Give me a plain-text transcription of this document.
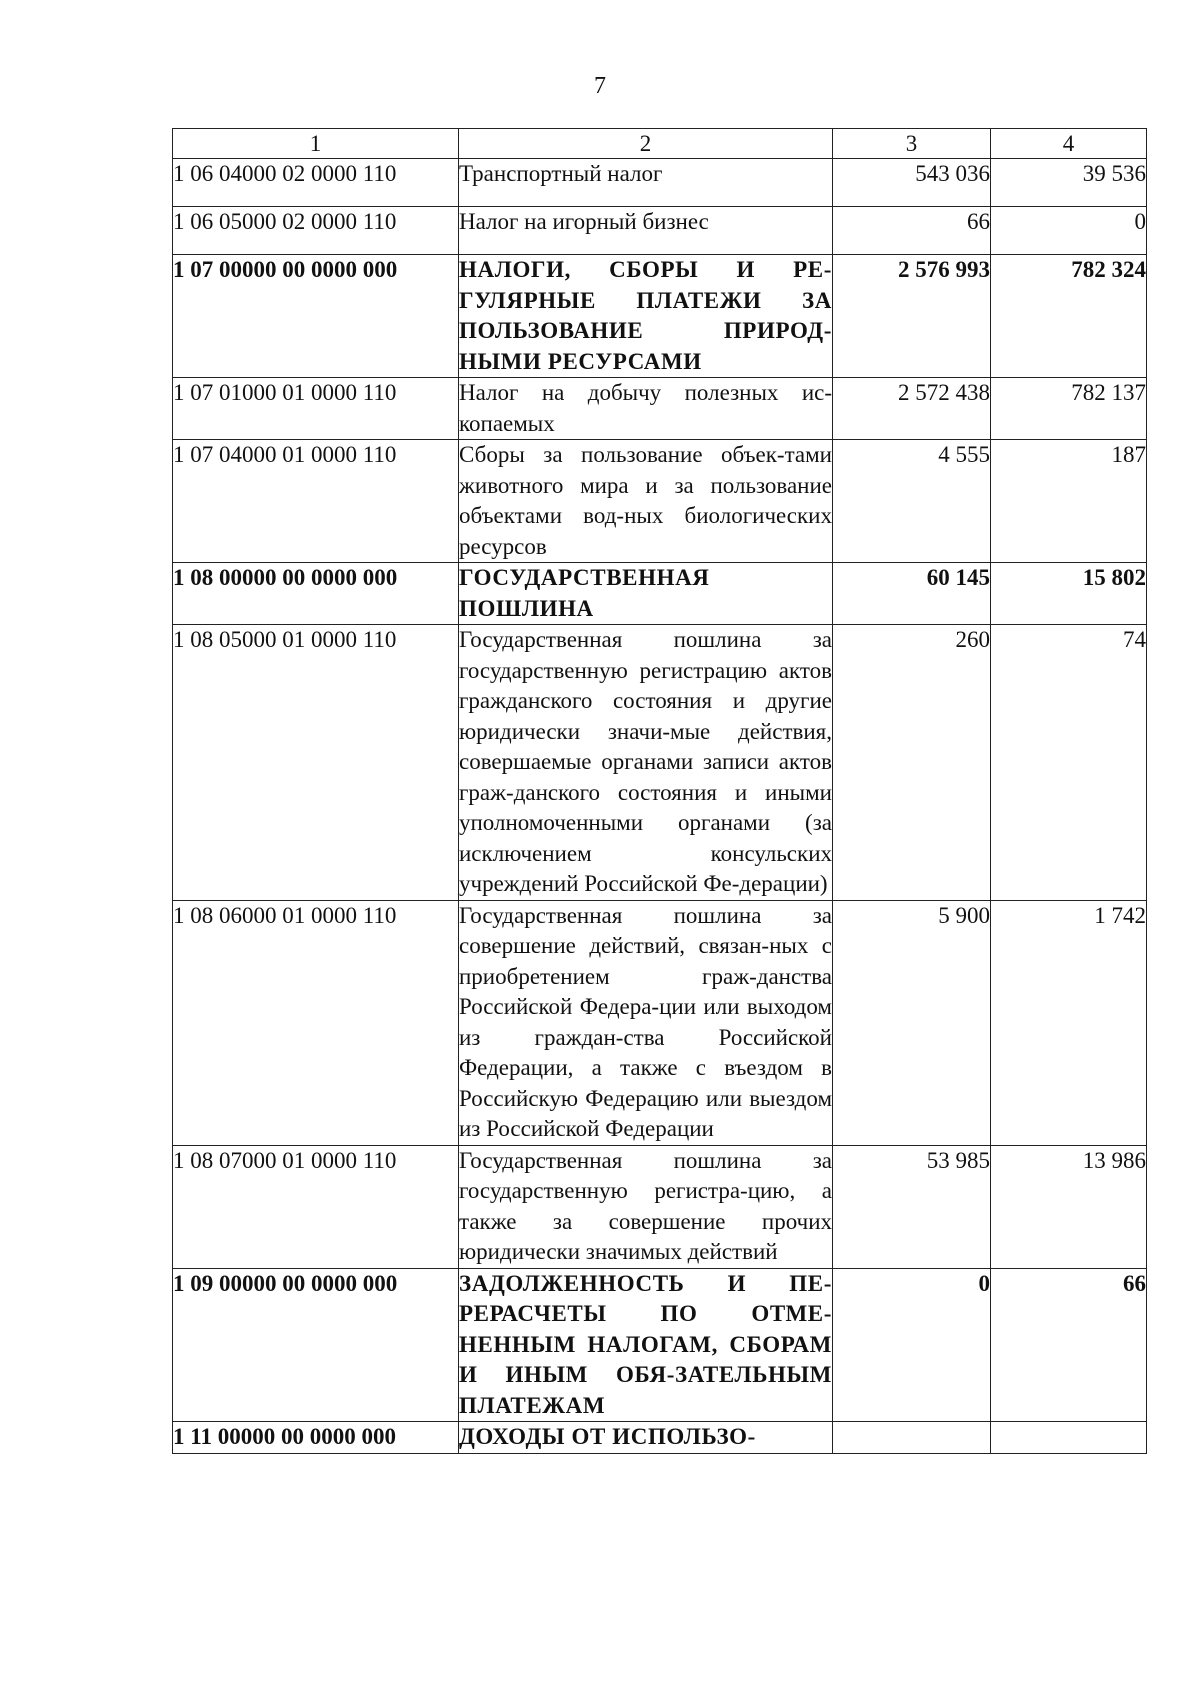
7
1	2	3	4
1 06 04000 02 0000 110	Транспортный налог	543 036	39 536
1 06 05000 02 0000 110	Налог на игорный бизнес	66	0
1 07 00000 00 0000 000	НАЛОГИ, СБОРЫ И РЕ-ГУЛЯРНЫЕ ПЛАТЕЖИ ЗА ПОЛЬЗОВАНИЕ ПРИРОД-НЫМИ РЕСУРСАМИ	2 576 993	782 324
1 07 01000 01 0000 110	Налог на добычу полезных ис-копаемых	2 572 438	782 137
1 07 04000 01 0000 110	Сборы за пользование объек-тами животного мира и за пользование объектами вод-ных биологических ресурсов	4 555	187
1 08 00000 00 0000 000	ГОСУДАРСТВЕННАЯ ПОШЛИНА	60 145	15 802
1 08 05000 01 0000 110	Государственная пошлина за государственную регистрацию актов гражданского состояния и другие юридически значи-мые действия, совершаемые органами записи актов граж-данского состояния и иными уполномоченными органами (за исключением консульских учреждений Российской Фе-дерации)	260	74
1 08 06000 01 0000 110	Государственная пошлина за совершение действий, связан-ных с приобретением граж-данства Российской Федера-ции или выходом из граждан-ства Российской Федерации, а также с въездом в Российскую Федерацию или выездом из Российской Федерации	5 900	1 742
1 08 07000 01 0000 110	Государственная пошлина за государственную регистра-цию, а также за совершение прочих юридически значимых действий	53 985	13 986
1 09 00000 00 0000 000	ЗАДОЛЖЕННОСТЬ И ПЕ-РЕРАСЧЕТЫ ПО ОТМЕ-НЕННЫМ НАЛОГАМ, СБОРАМ И ИНЫМ ОБЯ-ЗАТЕЛЬНЫМ ПЛАТЕЖАМ	0	66
1 11 00000 00 0000 000	ДОХОДЫ ОТ ИСПОЛЬЗО-		
